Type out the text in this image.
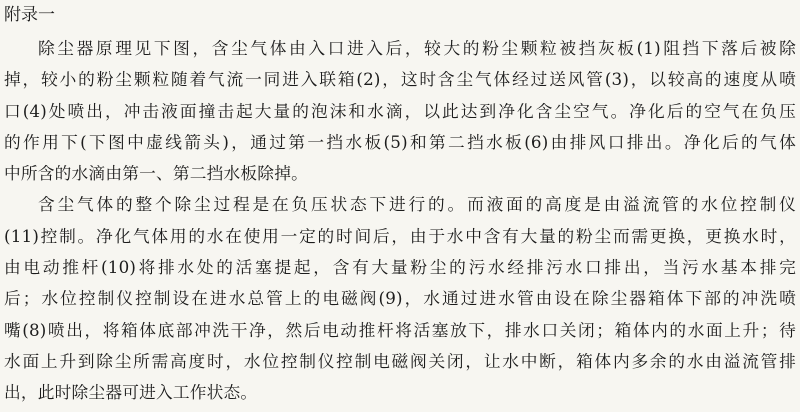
附录一
除尘器原理见下图，含尘气体由入口进入后，较大的粉尘颗粒被挡灰板(1)阻挡下落后被除
掉，较小的粉尘颗粒随着气流一同进入联箱(2)，这时含尘气体经过送风管(3)，以较高的速度从喷
口(4)处喷出，冲击液面撞击起大量的泡沫和水滴，以此达到净化含尘空气。净化后的空气在负压
的作用下(下图中虚线箭头)，通过第一挡水板(5)和第二挡水板(6)由排风口排出。净化后的气体
中所含的水滴由第一、第二挡水板除掉。
含尘气体的整个除尘过程是在负压状态下进行的。而液面的高度是由溢流管的水位控制仪
(11)控制。净化气体用的水在使用一定的时间后，由于水中含有大量的粉尘而需更换，更换水时，
由电动推杆(10)将排水处的活塞提起，含有大量粉尘的污水经排污水口排出，当污水基本排完
后；水位控制仪控制设在进水总管上的电磁阀(9)，水通过进水管由设在除尘器箱体下部的冲洗喷
嘴(8)喷出，将箱体底部冲洗干净，然后电动推杆将活塞放下，排水口关闭；箱体内的水面上升；待
水面上升到除尘所需高度时，水位控制仪控制电磁阀关闭，让水中断，箱体内多余的水由溢流管排
出，此时除尘器可进入工作状态。
